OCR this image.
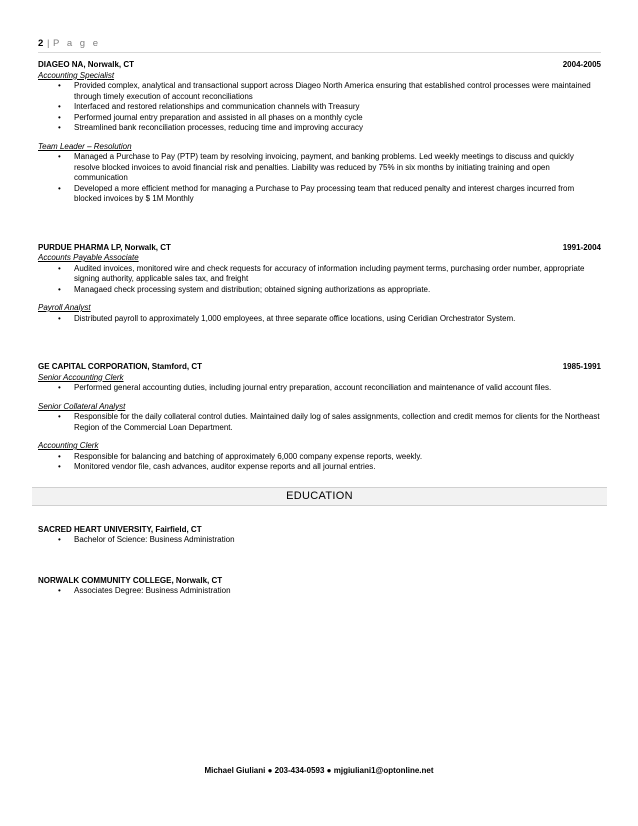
2 | P a g e
DIAGEO NA, Norwalk, CT	2004-2005
Accounting Specialist
• Provided complex, analytical and transactional support across Diageo North America ensuring that established control processes were maintained through timely execution of account reconciliations
• Interfaced and restored relationships and communication channels with Treasury
• Performed journal entry preparation and assisted in all phases on a monthly cycle
• Streamlined bank reconciliation processes, reducing time and improving accuracy
Team Leader – Resolution
• Managed a Purchase to Pay (PTP) team by resolving invoicing, payment, and banking problems. Led weekly meetings to discuss and quickly resolve blocked invoices to avoid financial risk and penalties. Liability was reduced by 75% in six months by initiating training and open communication
• Developed a more efficient method for managing a Purchase to Pay processing team that reduced penalty and interest charges incurred from blocked invoices by $ 1M Monthly
PURDUE PHARMA LP, Norwalk, CT	1991-2004
Accounts Payable Associate
• Audited invoices, monitored wire and check requests for accuracy of information including payment terms, purchasing order number, appropriate signing authority, applicable sales tax, and freight
• Managaed check processing system and distribution; obtained signing authorizations as appropriate.
Payroll Analyst
• Distributed payroll to approximately 1,000 employees, at three separate office locations, using Ceridian Orchestrator System.
GE CAPITAL CORPORATION, Stamford, CT	1985-1991
Senior Accounting Clerk
• Performed general accounting duties, including journal entry preparation, account reconciliation and maintenance of valid account files.
Senior Collateral Analyst
• Responsible for the daily collateral control duties. Maintained daily log of sales assignments, collection and credit memos for clients for the Northeast Region of the Commercial Loan Department.
Accounting Clerk
• Responsible for balancing and batching of approximately 6,000 company expense reports, weekly.
• Monitored vendor file, cash advances, auditor expense reports and all journal entries.
EDUCATION
SACRED HEART UNIVERSITY, Fairfield, CT
• Bachelor of Science: Business Administration
NORWALK COMMUNITY COLLEGE, Norwalk, CT
• Associates Degree: Business Administration
Michael Giuliani ● 203-434-0593 ● mjgiuliani1@optonline.net
